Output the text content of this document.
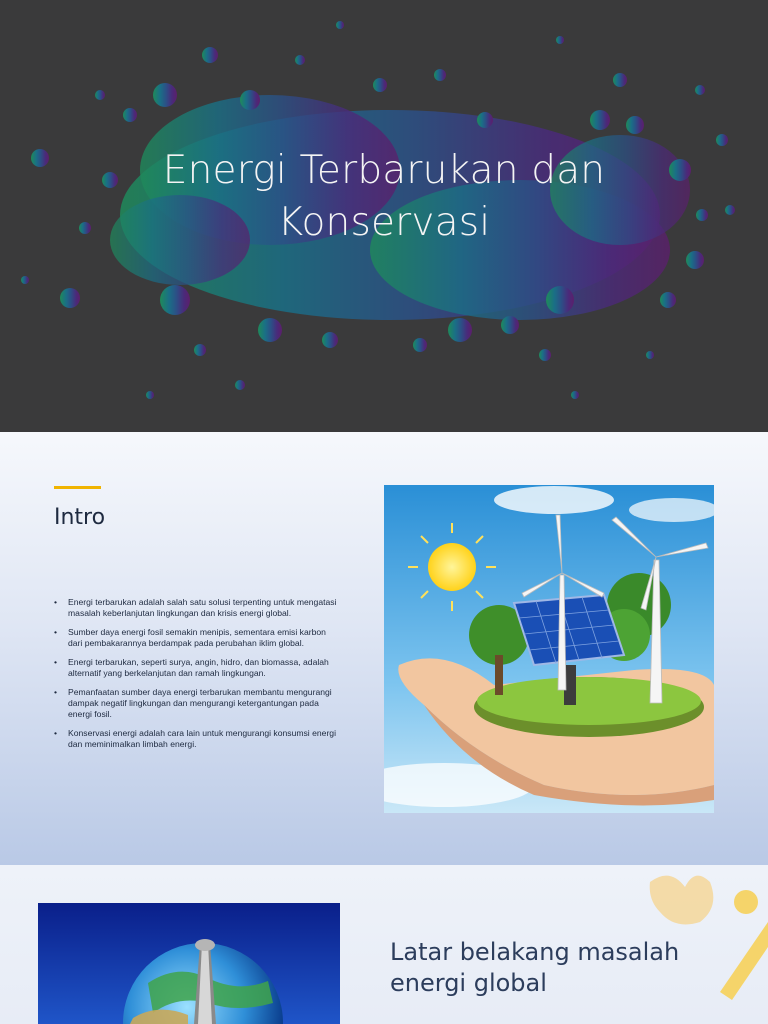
Energi Terbarukan dan
Konservasi
Intro
• Energi terbarukan adalah salah satu solusi terpenting untuk mengatasi masalah keberlanjutan lingkungan dan krisis energi global.
• Sumber daya energi fosil semakin menipis, sementara emisi karbon dari pembakarannya berdampak pada perubahan iklim global.
• Energi terbarukan, seperti surya, angin, hidro, dan biomassa, adalah alternatif yang berkelanjutan dan ramah lingkungan.
• Pemanfaatan sumber daya energi terbarukan membantu mengurangi dampak negatif lingkungan dan mengurangi ketergantungan pada energi fosil.
• Konservasi energi adalah cara lain untuk mengurangi konsumsi energi dan meminimalkan limbah energi.
Latar belakang masalah
energi global
